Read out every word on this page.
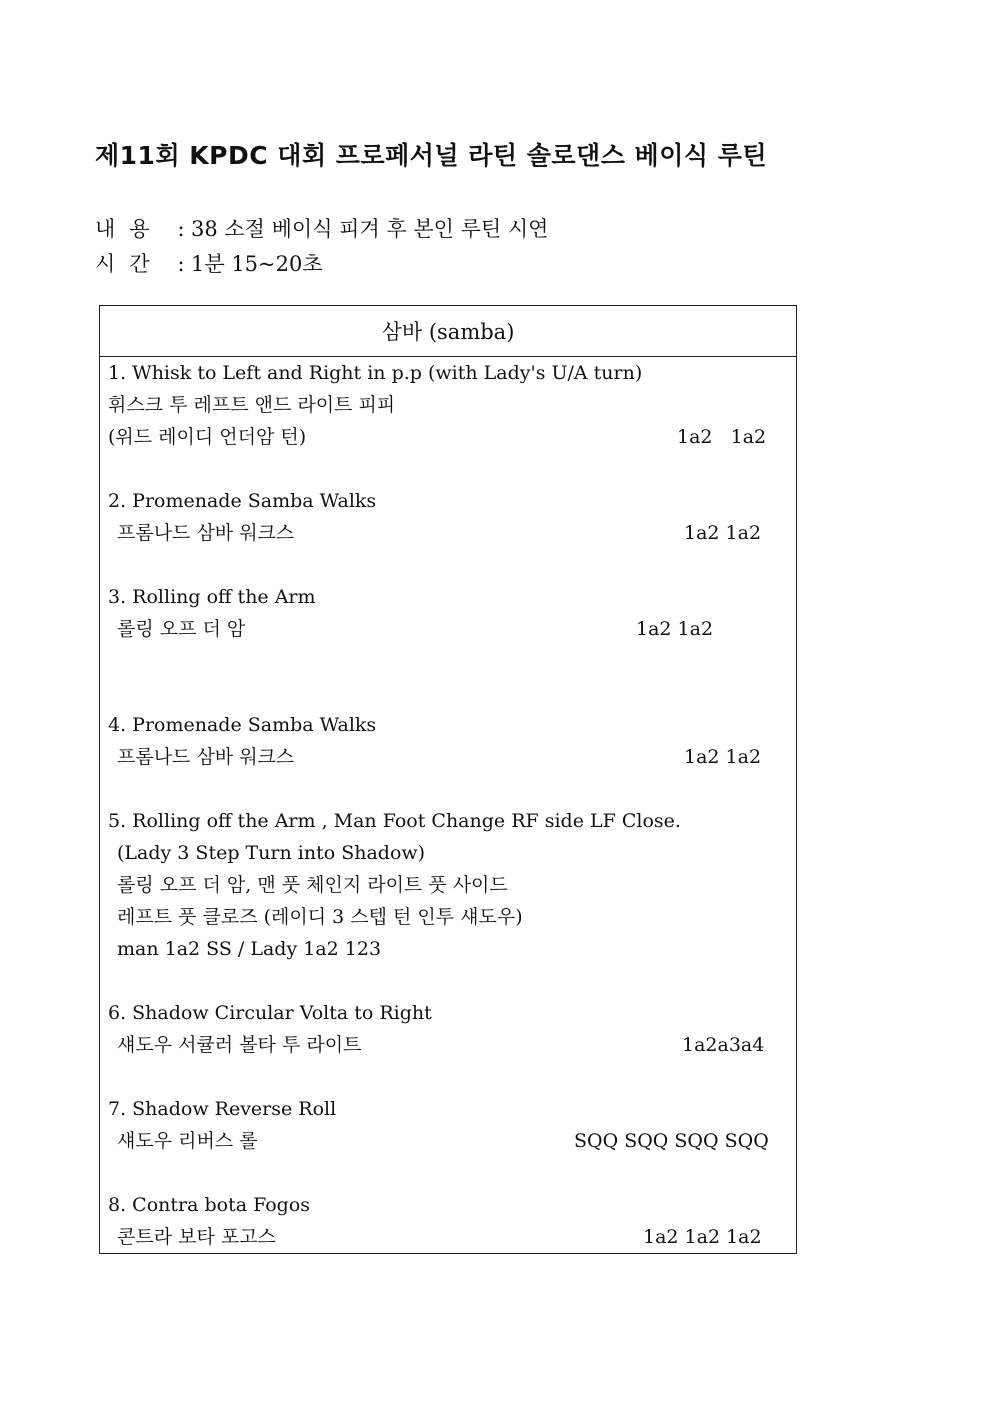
제11회 KPDC 대회 프로페서널 라틴 솔로댄스 베이식 루틴
내용 : 38 소절 베이식 피겨 후 본인 루틴 시연
시간 : 1분 15~20초
삼바 (samba)
1. Whisk to Left and Right in p.p (with Lady's U/A turn)
휘스크 투 레프트 앤드 라이트 피피
(위드 레이디 언더암 턴)	1a2   1a2
2. Promenade Samba Walks
프롬나드 삼바 워크스	1a2 1a2
3. Rolling off the Arm
롤링 오프 더 암	1a2 1a2
4. Promenade Samba Walks
프롬나드 삼바 워크스	1a2 1a2
5. Rolling off the Arm , Man Foot Change RF side LF Close.
(Lady 3 Step Turn into Shadow)
롤링 오프 더 암, 맨 풋 체인지 라이트 풋 사이드
레프트 풋 클로즈 (레이디 3 스텝 턴 인투 섀도우)
man 1a2 SS / Lady 1a2 123
6. Shadow Circular Volta to Right
섀도우 서큘러 볼타 투 라이트	1a2a3a4
7. Shadow Reverse Roll
섀도우 리버스 롤	SQQ SQQ SQQ SQQ
8. Contra bota Fogos
콘트라 보타 포고스	1a2 1a2 1a2
